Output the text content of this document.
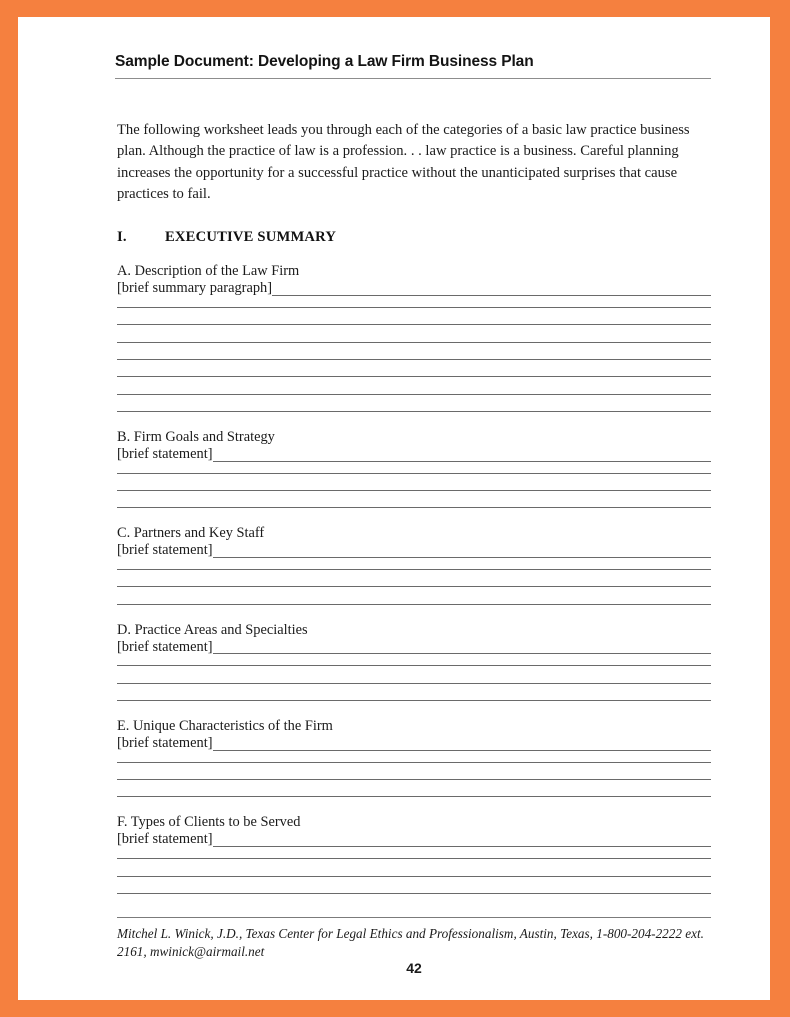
Sample Document: Developing a Law Firm Business Plan

The following worksheet leads you through each of the categories of a basic law practice business plan. Although the practice of law is a profession. . . law practice is a business. Careful planning increases the opportunity for a successful practice without the unanticipated surprises that cause practices to fail.

I.	EXECUTIVE SUMMARY
A. Description of the Law Firm
[brief summary paragraph]
B. Firm Goals and Strategy
[brief statement]
C. Partners and Key Staff
[brief statement]
D. Practice Areas and Specialties
[brief statement]
E. Unique Characteristics of the Firm
[brief statement]
F. Types of Clients to be Served
[brief statement]
Mitchel L. Winick, J.D., Texas Center for Legal Ethics and Professionalism, Austin, Texas, 1-800-204-2222 ext. 2161, mwinick@airmail.net
42
